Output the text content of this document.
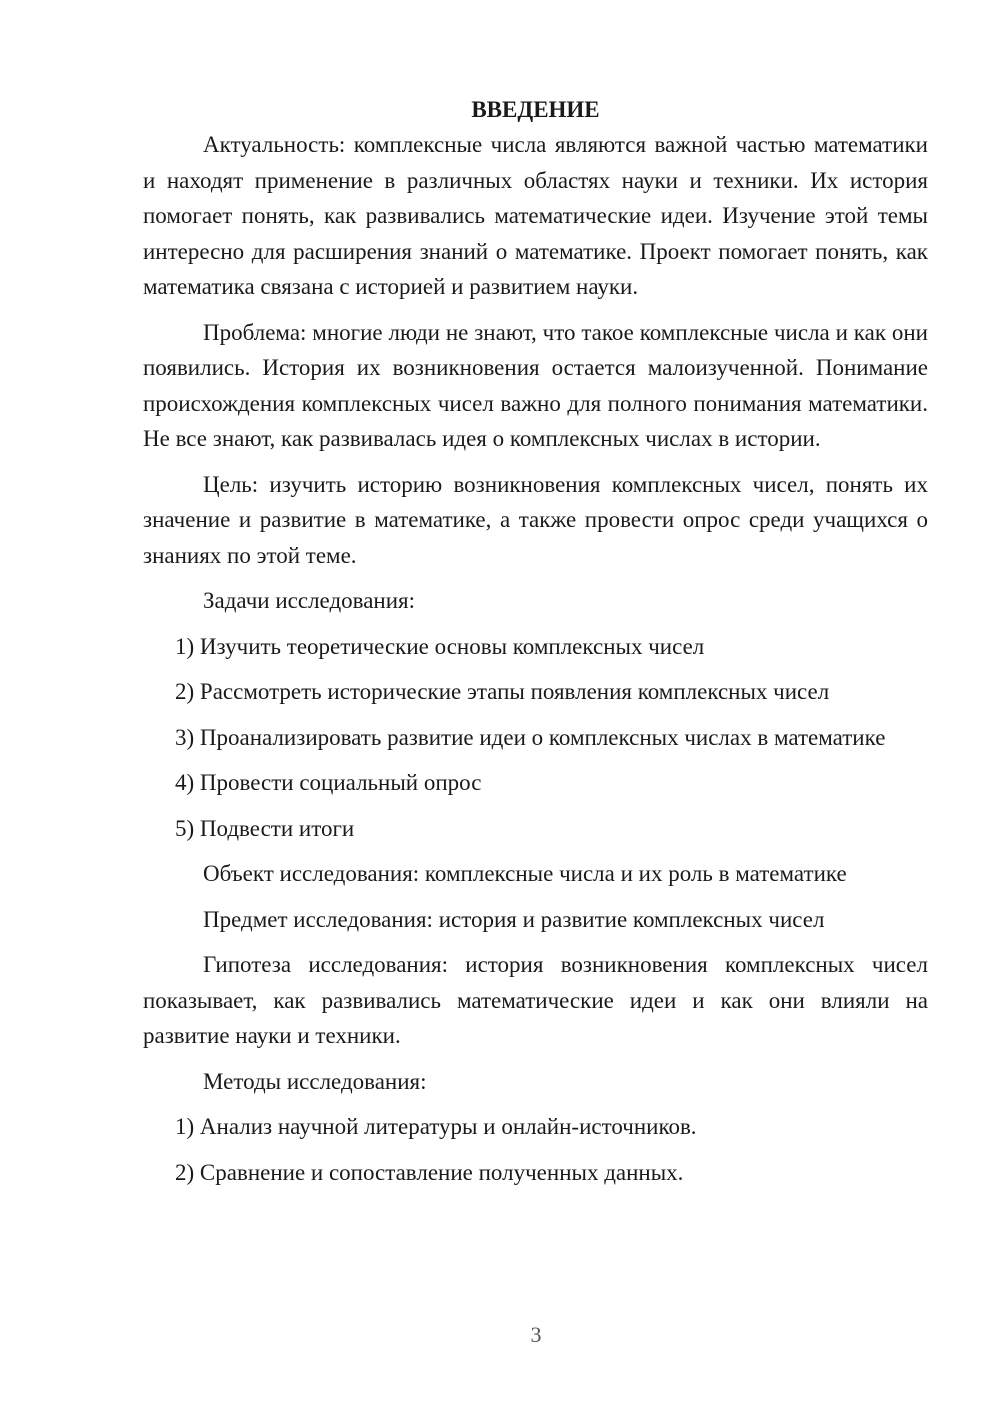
ВВЕДЕНИЕ

Актуальность: комплексные числа являются важной частью математики и находят применение в различных областях науки и техники. Их история помогает понять, как развивались математические идеи. Изучение этой темы интересно для расширения знаний о математике. Проект помогает понять, как математика связана с историей и развитием науки.

Проблема: многие люди не знают, что такое комплексные числа и как они появились. История их возникновения остается малоизученной. Понимание происхождения комплексных чисел важно для полного понимания математики. Не все знают, как развивалась идея о комплексных числах в истории.

Цель: изучить историю возникновения комплексных чисел, понять их значение и развитие в математике, а также провести опрос среди учащихся о знаниях по этой теме.

Задачи исследования:

1) Изучить теоретические основы комплексных чисел

2) Рассмотреть исторические этапы появления комплексных чисел

3) Проанализировать развитие идеи о комплексных числах в математике

4) Провести социальный опрос

5) Подвести итоги

Объект исследования: комплексные числа и их роль в математике

Предмет исследования: история и развитие комплексных чисел

Гипотеза исследования: история возникновения комплексных чисел показывает, как развивались математические идеи и как они влияли на развитие науки и техники.

Методы исследования:

1) Анализ научной литературы и онлайн-источников.

2) Сравнение и сопоставление полученных данных.

3
